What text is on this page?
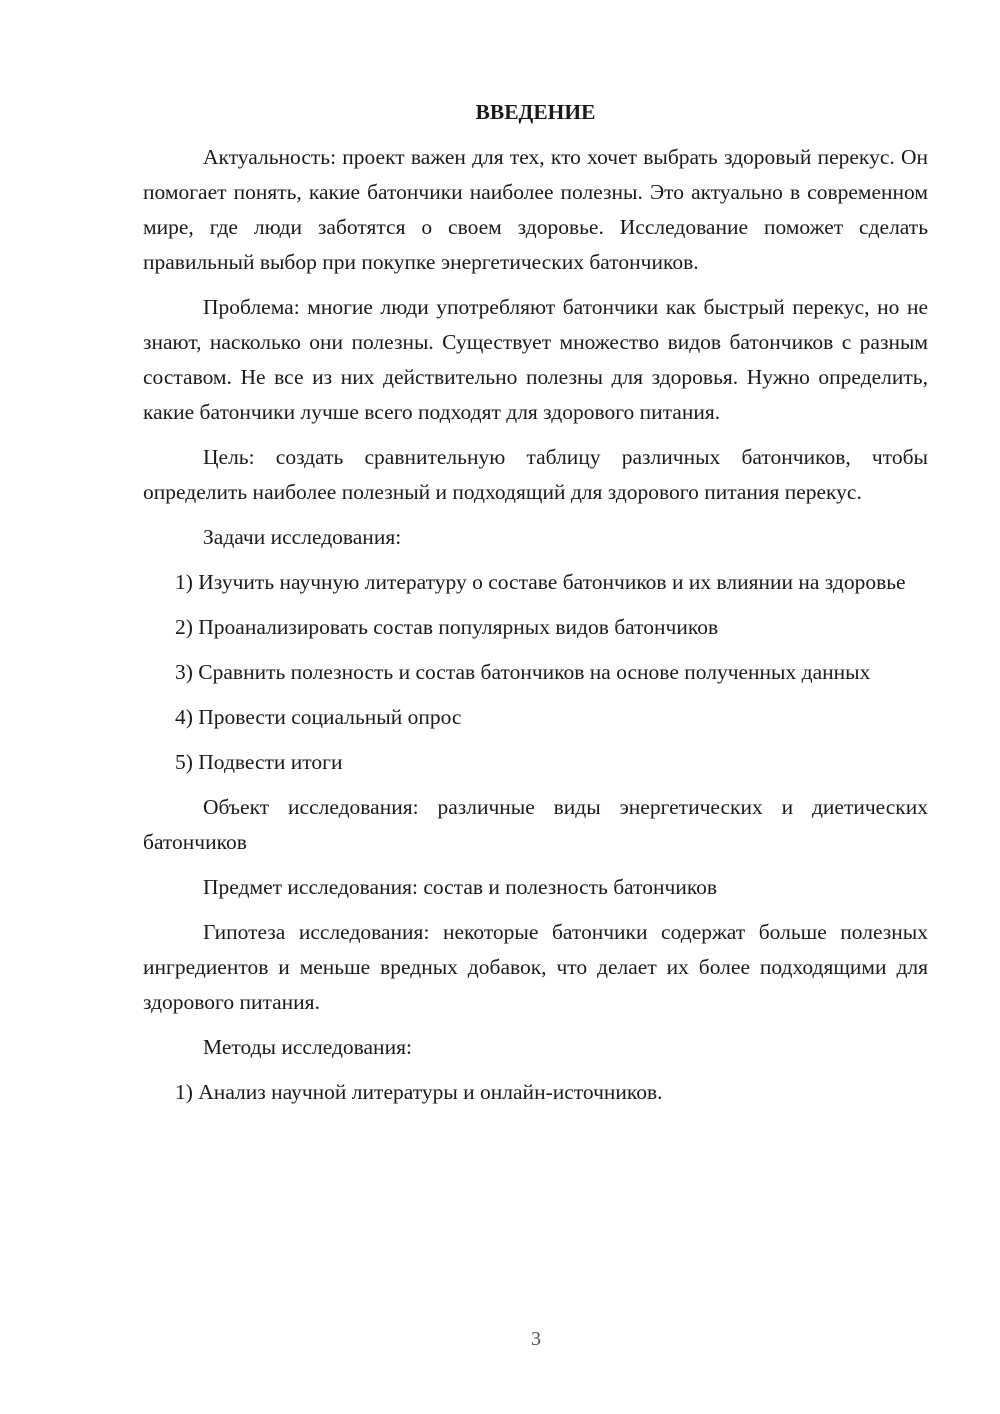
ВВЕДЕНИЕ

Актуальность: проект важен для тех, кто хочет выбрать здоровый перекус. Он помогает понять, какие батончики наиболее полезны. Это актуально в современном мире, где люди заботятся о своем здоровье. Исследование поможет сделать правильный выбор при покупке энергетических батончиков.

Проблема: многие люди употребляют батончики как быстрый перекус, но не знают, насколько они полезны. Существует множество видов батончиков с разным составом. Не все из них действительно полезны для здоровья. Нужно определить, какие батончики лучше всего подходят для здорового питания.

Цель: создать сравнительную таблицу различных батончиков, чтобы определить наиболее полезный и подходящий для здорового питания перекус.

Задачи исследования:

1) Изучить научную литературу о составе батончиков и их влиянии на здоровье

2) Проанализировать состав популярных видов батончиков

3) Сравнить полезность и состав батончиков на основе полученных данных

4) Провести социальный опрос

5) Подвести итоги

Объект исследования: различные виды энергетических и диетических батончиков

Предмет исследования: состав и полезность батончиков

Гипотеза исследования: некоторые батончики содержат больше полезных ингредиентов и меньше вредных добавок, что делает их более подходящими для здорового питания.

Методы исследования:

1) Анализ научной литературы и онлайн-источников.

3
